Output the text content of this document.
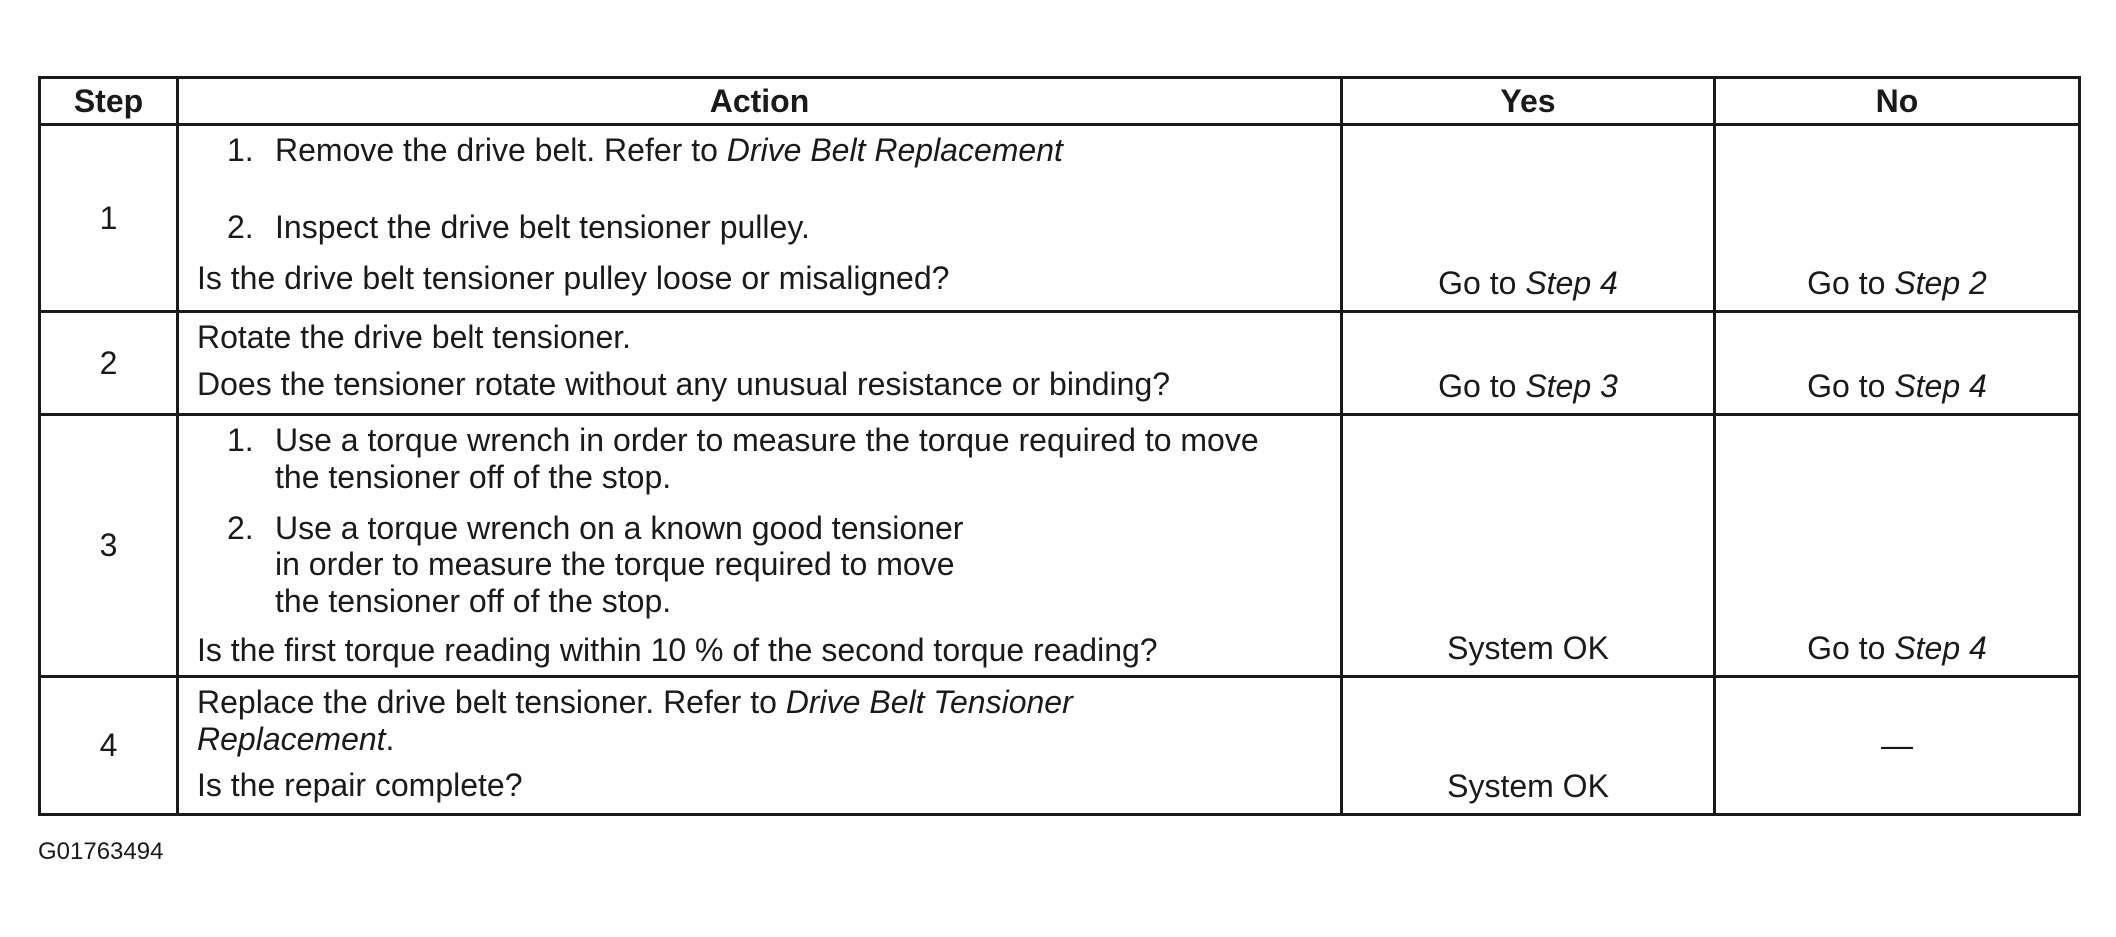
Step	Action	Yes	No
1	1. Remove the drive belt. Refer to Drive Belt Replacement
2. Inspect the drive belt tensioner pulley.
Is the drive belt tensioner pulley loose or misaligned?	Go to Step 4	Go to Step 2
2	Rotate the drive belt tensioner.
Does the tensioner rotate without any unusual resistance or binding?	Go to Step 3	Go to Step 4
3	1. Use a torque wrench in order to measure the torque required to move the tensioner off of the stop.
2. Use a torque wrench on a known good tensioner in order to measure the torque required to move the tensioner off of the stop.
Is the first torque reading within 10 % of the second torque reading?	System OK	Go to Step 4
4	Replace the drive belt tensioner. Refer to Drive Belt Tensioner Replacement.
Is the repair complete?	System OK	—
G01763494
